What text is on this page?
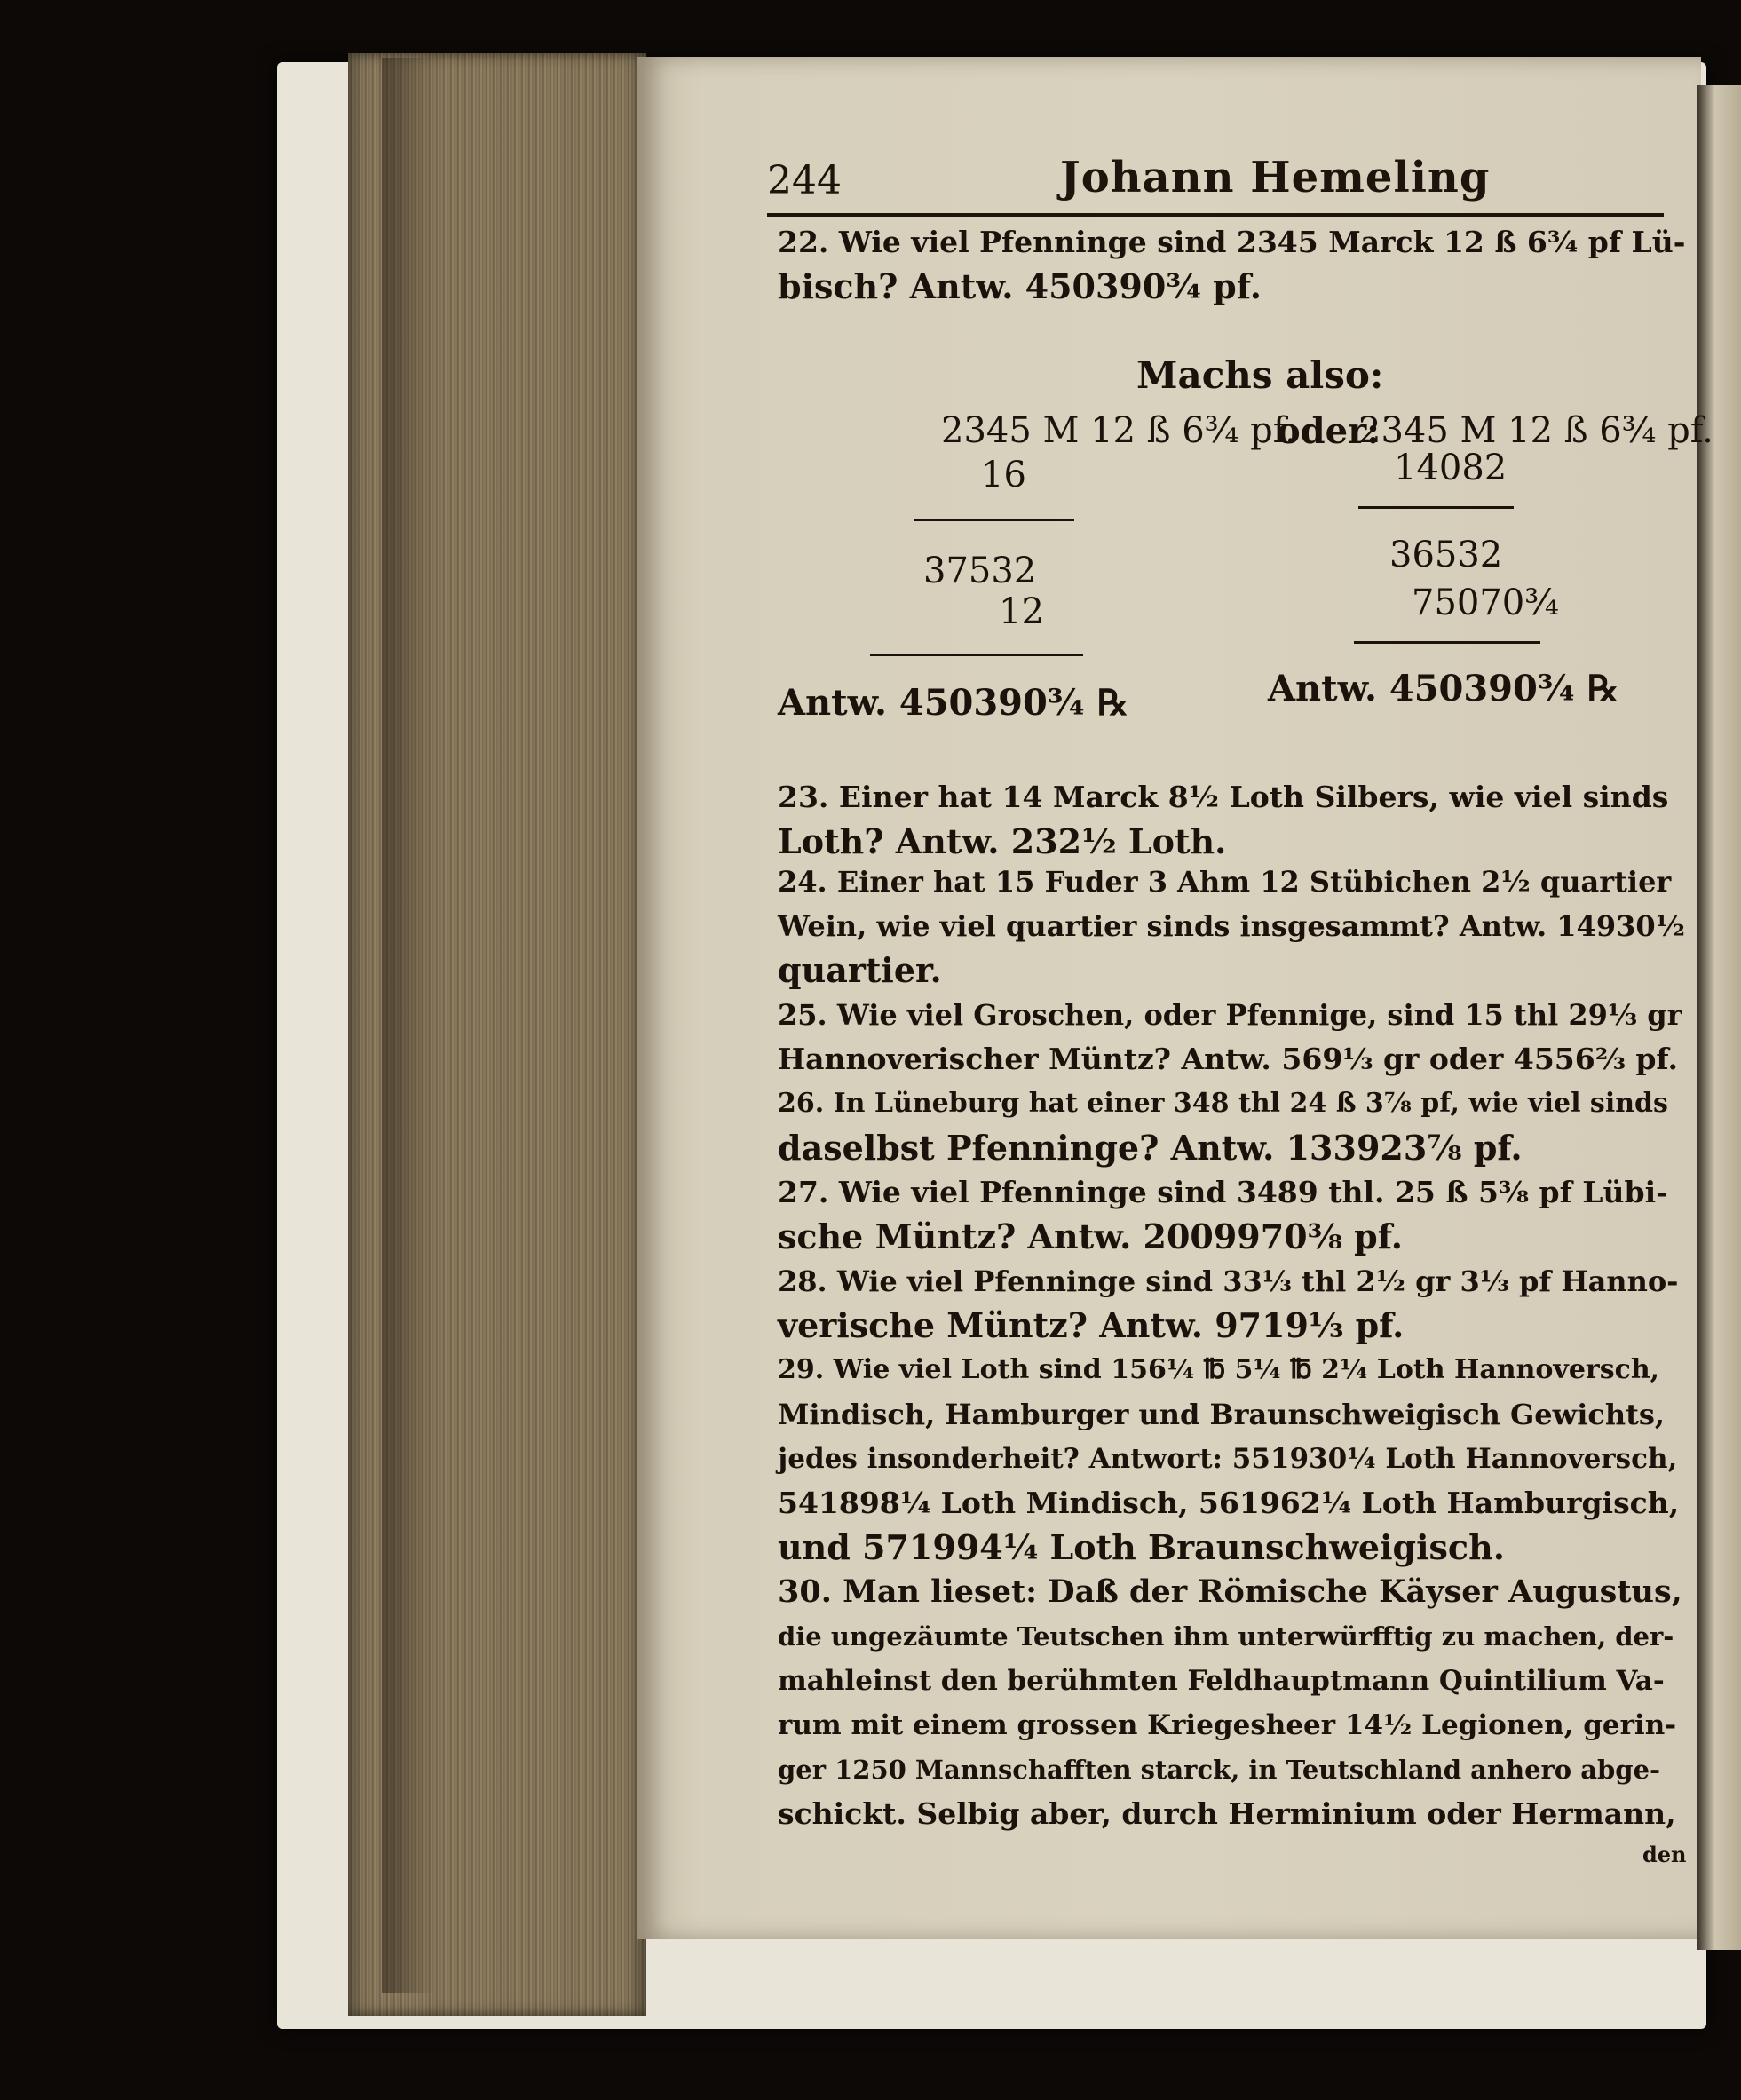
244	Johann Hemeling
22. Wie viel Pfenninge sind 2345 Marck 12 ß 6¾ pf Lü-
bisch? Antw. 450390¾ pf.
Machs also:
2345 M 12 ß 6¾ pf.
oder:
2345 M 12 ß 6¾ pf.
16	14082
37532	36532
12	75070¾
Antw. 450390¾ ℞	Antw. 450390¾ ℞
23. Einer hat 14 Marck 8½ Loth Silbers, wie viel sinds
Loth? Antw. 232½ Loth.
24. Einer hat 15 Fuder 3 Ahm 12 Stübichen 2½ quartier
Wein, wie viel quartier sinds insgesammt? Antw. 14930½
quartier.
25. Wie viel Groschen, oder Pfennige, sind 15 thl 29⅓ gr
Hannoverischer Müntz? Antw. 569⅓ gr oder 4556⅔ pf.
26. In Lüneburg hat einer 348 thl 24 ß 3⅞ pf, wie viel sinds
daselbst Pfenninge? Antw. 133923⅞ pf.
27. Wie viel Pfenninge sind 3489 thl. 25 ß 5⅜ pf Lübi-
sche Müntz? Antw. 2009970⅜ pf.
28. Wie viel Pfenninge sind 33⅓ thl 2½ gr 3⅓ pf Hanno-
verische Müntz? Antw. 9719⅓ pf.
29. Wie viel Loth sind 156¼ ℔ 5¼ ℔ 2¼ Loth Hannoversch,
Mindisch, Hamburger und Braunschweigisch Gewichts,
jedes insonderheit? Antwort: 551930¼ Loth Hannoversch,
541898¼ Loth Mindisch, 561962¼ Loth Hamburgisch,
und 571994¼ Loth Braunschweigisch.
30. Man lieset: Daß der Römische Käyser Augustus,
die ungezäumte Teutschen ihm unterwürfftig zu machen, der-
mahleinst den berühmten Feldhauptmann Quintilium Va-
rum mit einem grossen Kriegesheer 14½ Legionen, gerin-
ger 1250 Mannschafften starck, in Teutschland anhero abge-
schickt. Selbig aber, durch Herminium oder Hermann,
den
